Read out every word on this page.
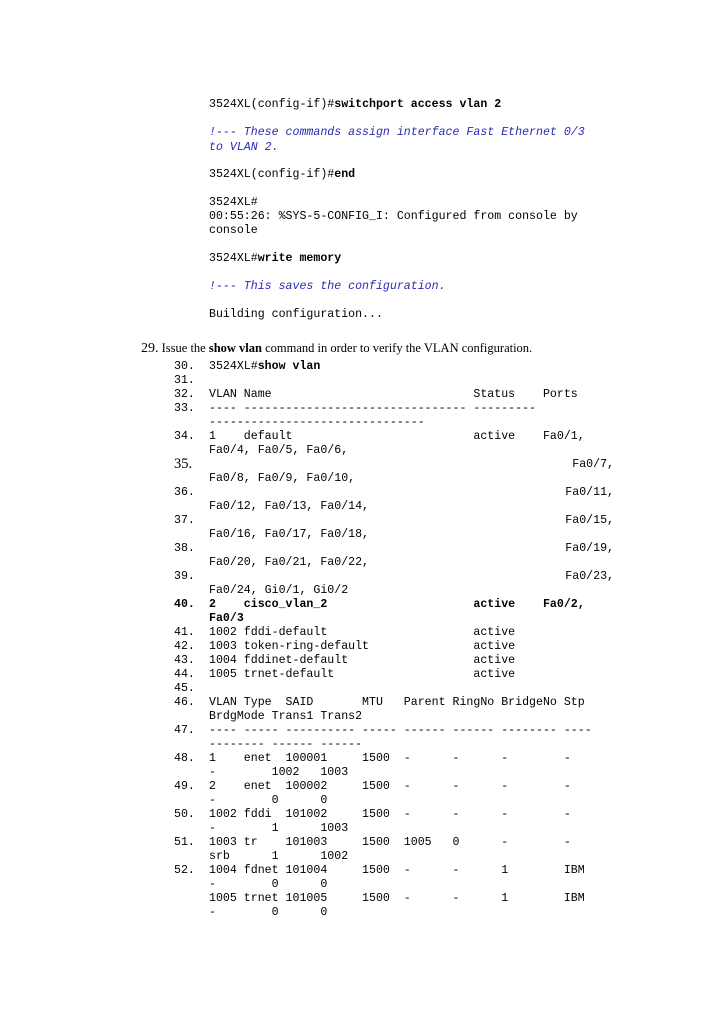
3524XL(config-if)#switchport access vlan 2
!--- These commands assign interface Fast Ethernet 0/3
to VLAN 2.
3524XL(config-if)#end
3524XL#
00:55:26: %SYS-5-CONFIG_I: Configured from console by
console
3524XL#write memory
!--- This saves the configuration.
Building configuration...
29. Issue the show vlan command in order to verify the VLAN configuration.
30. 3524XL#show vlan
31.
32. VLAN Name                             Status    Ports
33. ---- -------------------------------- ---------
-------------------------------
34. 1    default                          active    Fa0/1,
Fa0/4, Fa0/5, Fa0/6,
35.	Fa0/7,
Fa0/8, Fa0/9, Fa0/10,
36.	Fa0/11,
Fa0/12, Fa0/13, Fa0/14,
37.	Fa0/15,
Fa0/16, Fa0/17, Fa0/18,
38.	Fa0/19,
Fa0/20, Fa0/21, Fa0/22,
39.	Fa0/23,
Fa0/24, Gi0/1, Gi0/2
40. 2    cisco_vlan_2                     active    Fa0/2,
Fa0/3
41. 1002 fddi-default                     active
42. 1003 token-ring-default               active
43. 1004 fddinet-default                  active
44. 1005 trnet-default                    active
45.
46. VLAN Type  SAID       MTU   Parent RingNo BridgeNo Stp
BrdgMode Trans1 Trans2
47. ---- ----- ---------- ----- ------ ------ -------- ----
-------- ------ ------
48. 1    enet  100001     1500  -      -      -        -
-        1002   1003
49. 2    enet  100002     1500  -      -      -        -
-        0      0
50. 1002 fddi  101002     1500  -      -      -        -
-        1      1003
51. 1003 tr    101003     1500  1005   0      -        -
srb      1      1002
52. 1004 fdnet 101004     1500  -      -      1        IBM
-        0      0
1005 trnet 101005     1500  -      -      1        IBM
-        0      0
